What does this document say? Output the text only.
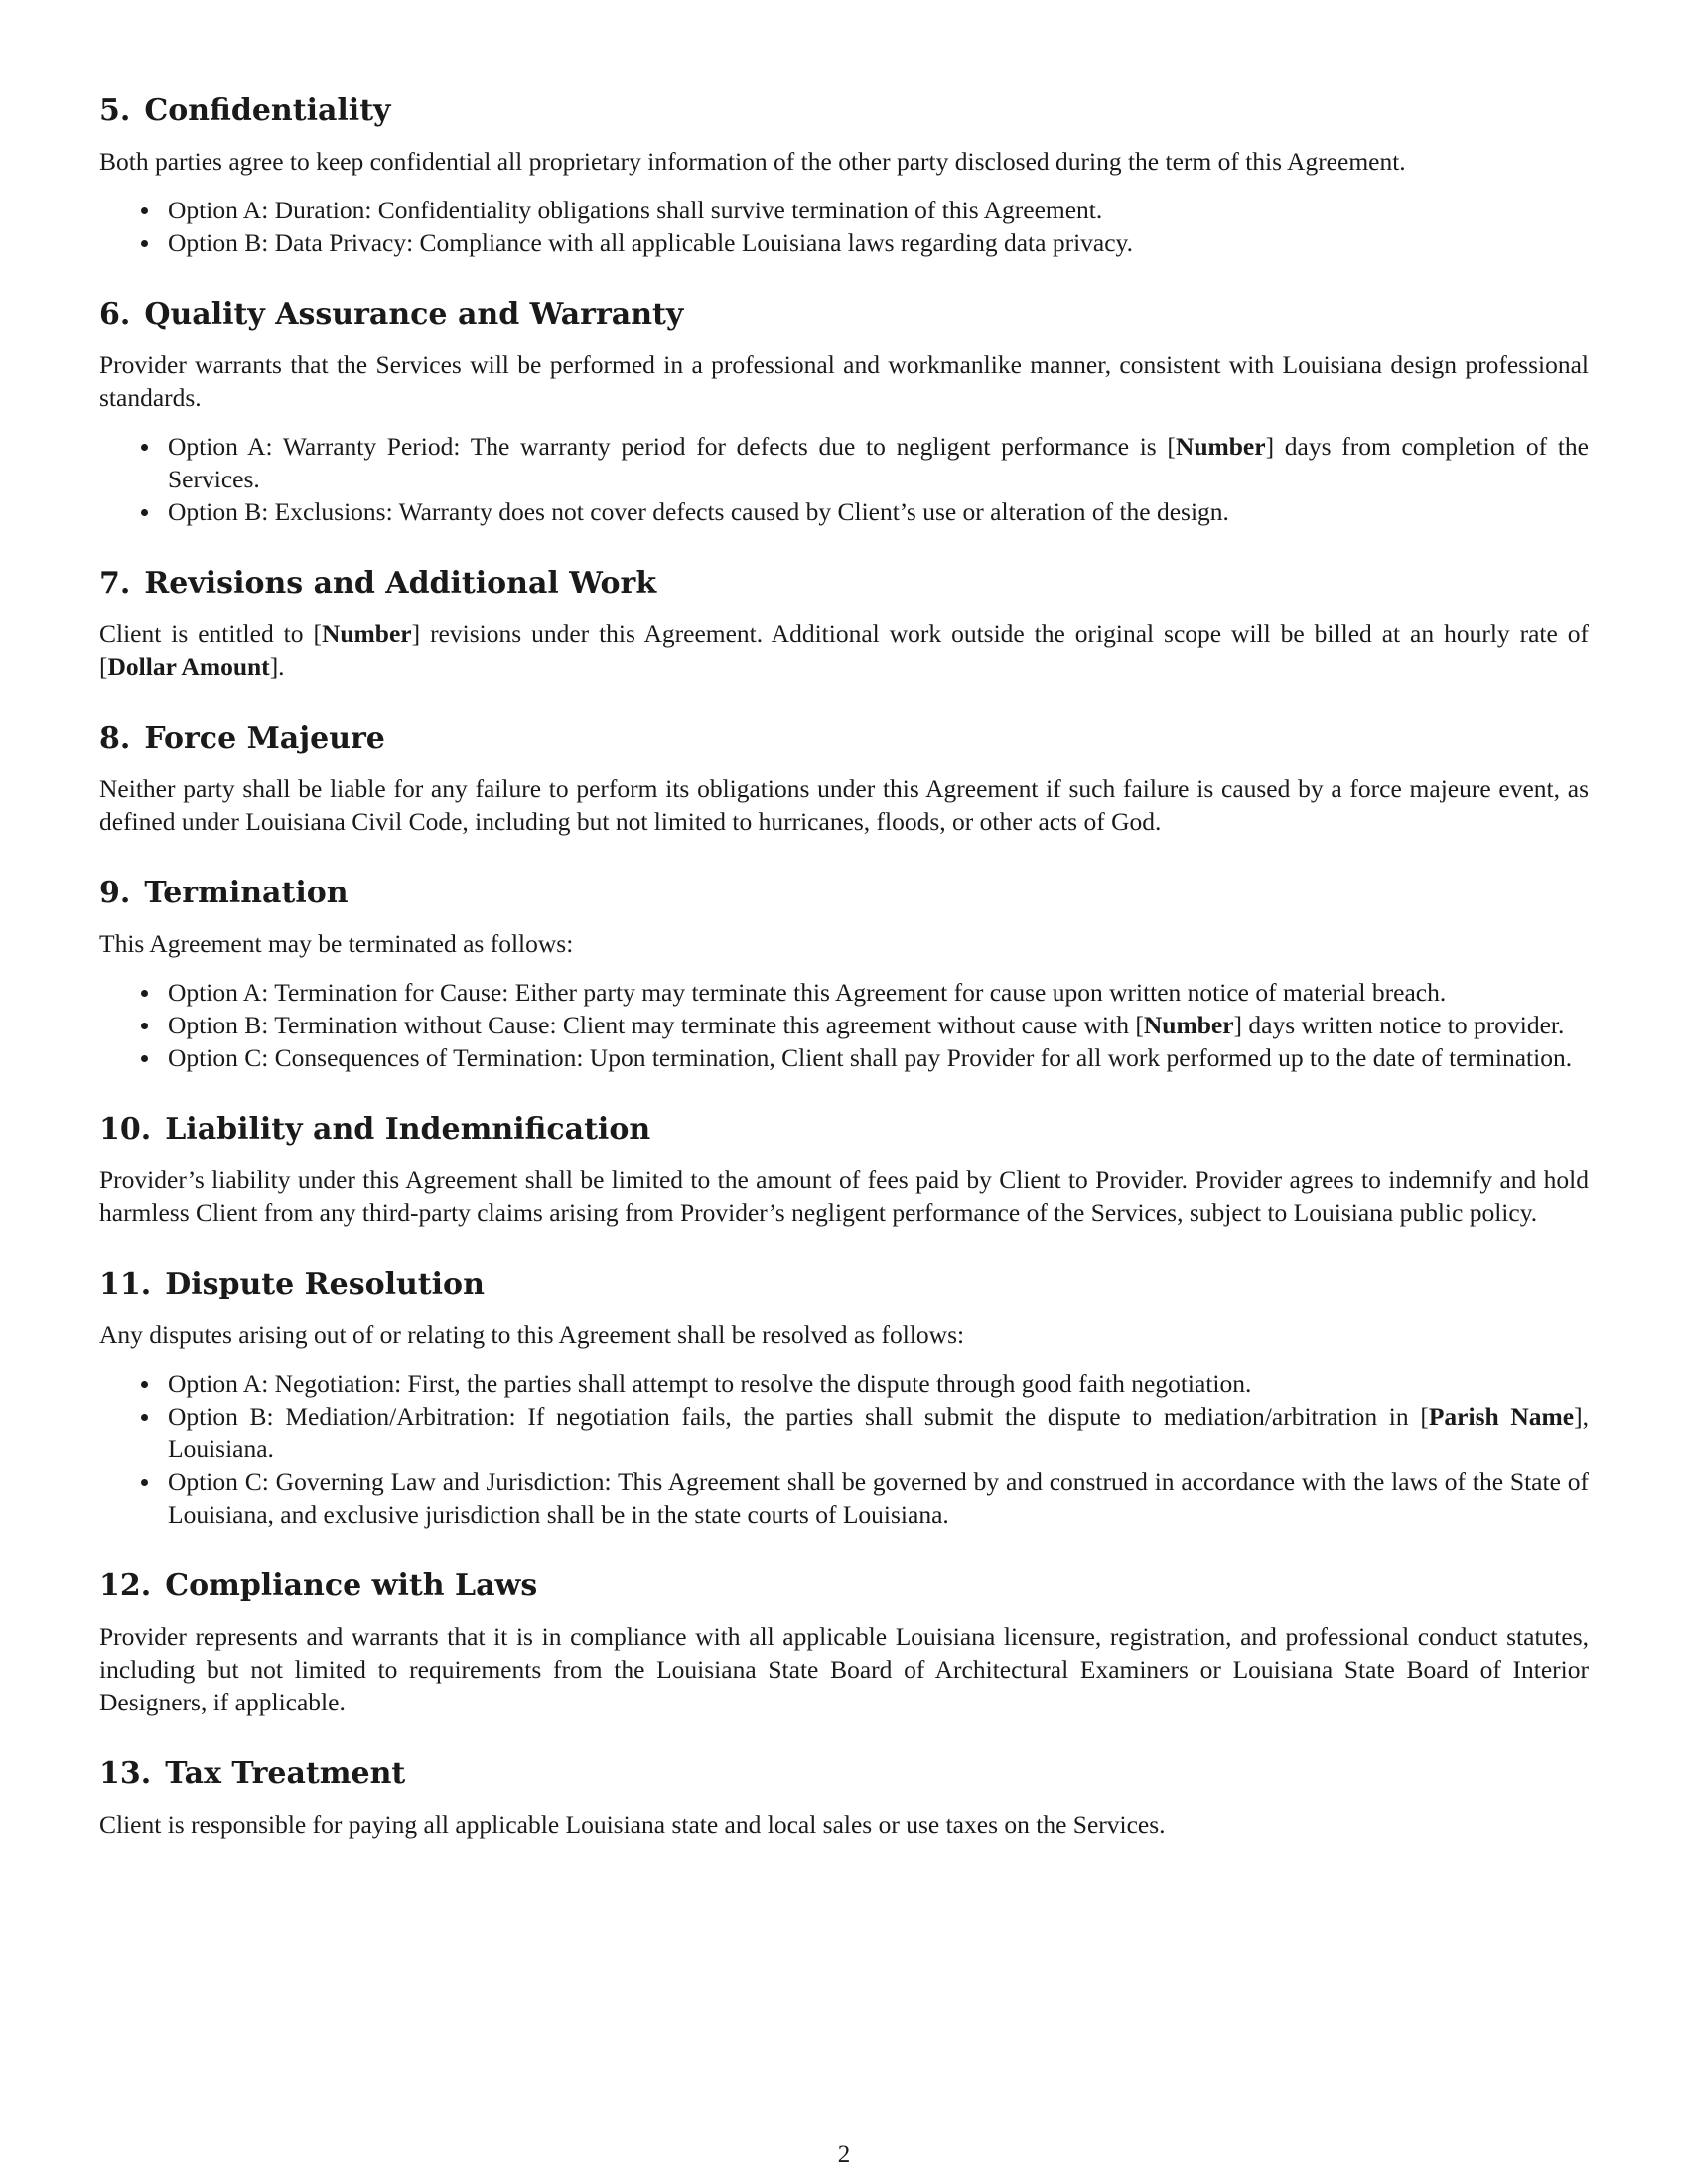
5. Confidentiality

Both parties agree to keep confidential all proprietary information of the other party disclosed during the term of this Agreement.

Option A: Duration: Confidentiality obligations shall survive termination of this Agreement.
Option B: Data Privacy: Compliance with all applicable Louisiana laws regarding data privacy.
6. Quality Assurance and Warranty

Provider warrants that the Services will be performed in a professional and workmanlike manner, consistent with Louisiana design professional standards.

Option A: Warranty Period: The warranty period for defects due to negligent performance is [Number] days from completion of the Services.
Option B: Exclusions: Warranty does not cover defects caused by Client’s use or alteration of the design.
7. Revisions and Additional Work

Client is entitled to [Number] revisions under this Agreement. Additional work outside the original scope will be billed at an hourly rate of [Dollar Amount].

8. Force Majeure

Neither party shall be liable for any failure to perform its obligations under this Agreement if such failure is caused by a force majeure event, as defined under Louisiana Civil Code, including but not limited to hurricanes, floods, or other acts of God.

9. Termination

This Agreement may be terminated as follows:

Option A: Termination for Cause: Either party may terminate this Agreement for cause upon written notice of material breach.
Option B: Termination without Cause: Client may terminate this agreement without cause with [Number] days written notice to provider.
Option C: Consequences of Termination: Upon termination, Client shall pay Provider for all work performed up to the date of termination.
10. Liability and Indemnification

Provider’s liability under this Agreement shall be limited to the amount of fees paid by Client to Provider. Provider agrees to indemnify and hold harmless Client from any third-party claims arising from Provider’s negligent performance of the Services, subject to Louisiana public policy.

11. Dispute Resolution

Any disputes arising out of or relating to this Agreement shall be resolved as follows:

Option A: Negotiation: First, the parties shall attempt to resolve the dispute through good faith negotiation.
Option B: Mediation/Arbitration: If negotiation fails, the parties shall submit the dispute to mediation/arbitration in [Parish Name], Louisiana.
Option C: Governing Law and Jurisdiction: This Agreement shall be governed by and construed in accordance with the laws of the State of Louisiana, and exclusive jurisdiction shall be in the state courts of Louisiana.
12. Compliance with Laws

Provider represents and warrants that it is in compliance with all applicable Louisiana licensure, registration, and professional conduct statutes, including but not limited to requirements from the Louisiana State Board of Architectural Examiners or Louisiana State Board of Interior Designers, if applicable.

13. Tax Treatment

Client is responsible for paying all applicable Louisiana state and local sales or use taxes on the Services.

2
